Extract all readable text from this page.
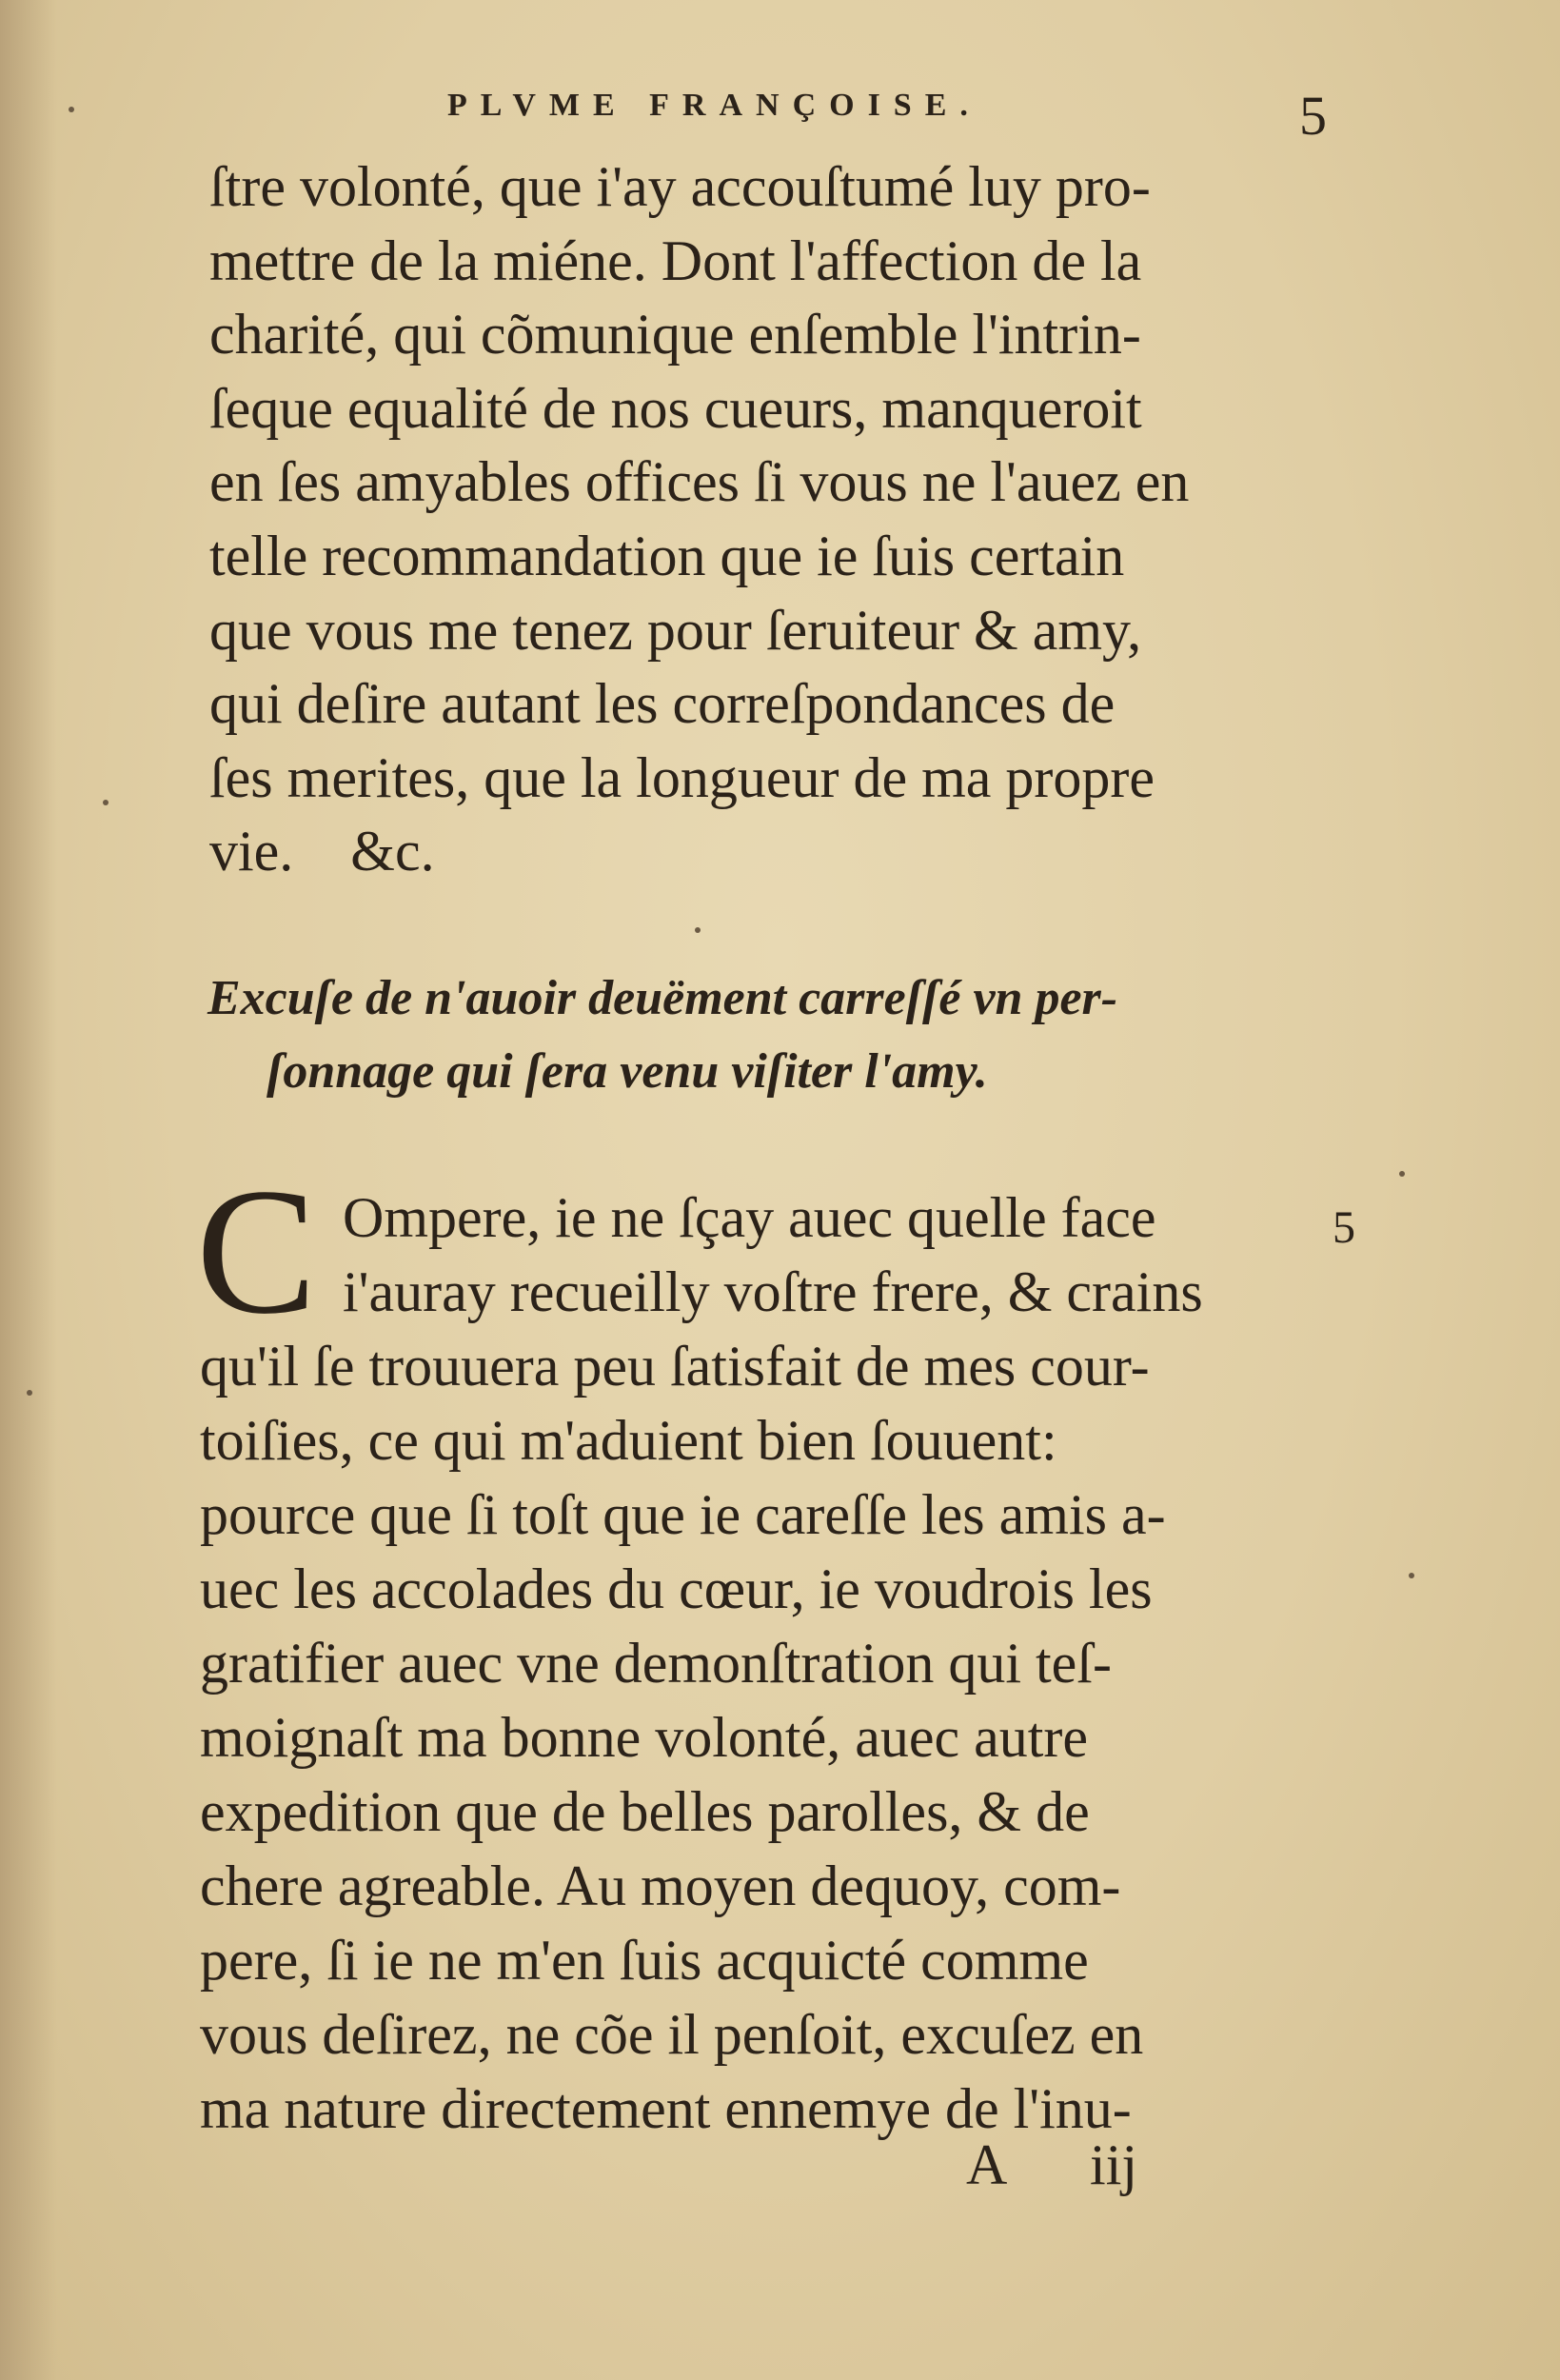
PLVME FRANÇOISE.	5
ſtre volonté, que i'ay accouſtumé luy pro-
mettre de la miéne. Dont l'affection de la
charité, qui cõmunique enſemble l'intrin-
ſeque equalité de nos cueurs, manqueroit
en ſes amyables offices ſi vous ne l'auez en
telle recommandation que ie ſuis certain
que vous me tenez pour ſeruiteur & amy,
qui deſire autant les correſpondances de
ſes merites, que la longueur de ma propre
vie.    &c.
Excuſe de n'auoir deuëment carreſſé vn per-
ſonnage qui ſera venu viſiter l'amy.
C	5
Ompere, ie ne ſçay auec quelle face
i'auray recueilly voſtre frere, & crains
qu'il ſe trouuera peu ſatisfait de mes cour-
toiſies, ce qui m'aduient bien ſouuent:
pource que ſi toſt que ie careſſe les amis a-
uec les accolades du cœur, ie voudrois les
gratifier auec vne demonſtration qui teſ-
moignaſt ma bonne volonté, auec autre
expedition que de belles parolles, & de
chere agreable. Au moyen dequoy, com-
pere, ſi ie ne m'en ſuis acquicté comme
vous deſirez, ne cõe il penſoit, excuſez en
ma nature directement ennemye de l'inu-
A  iij
